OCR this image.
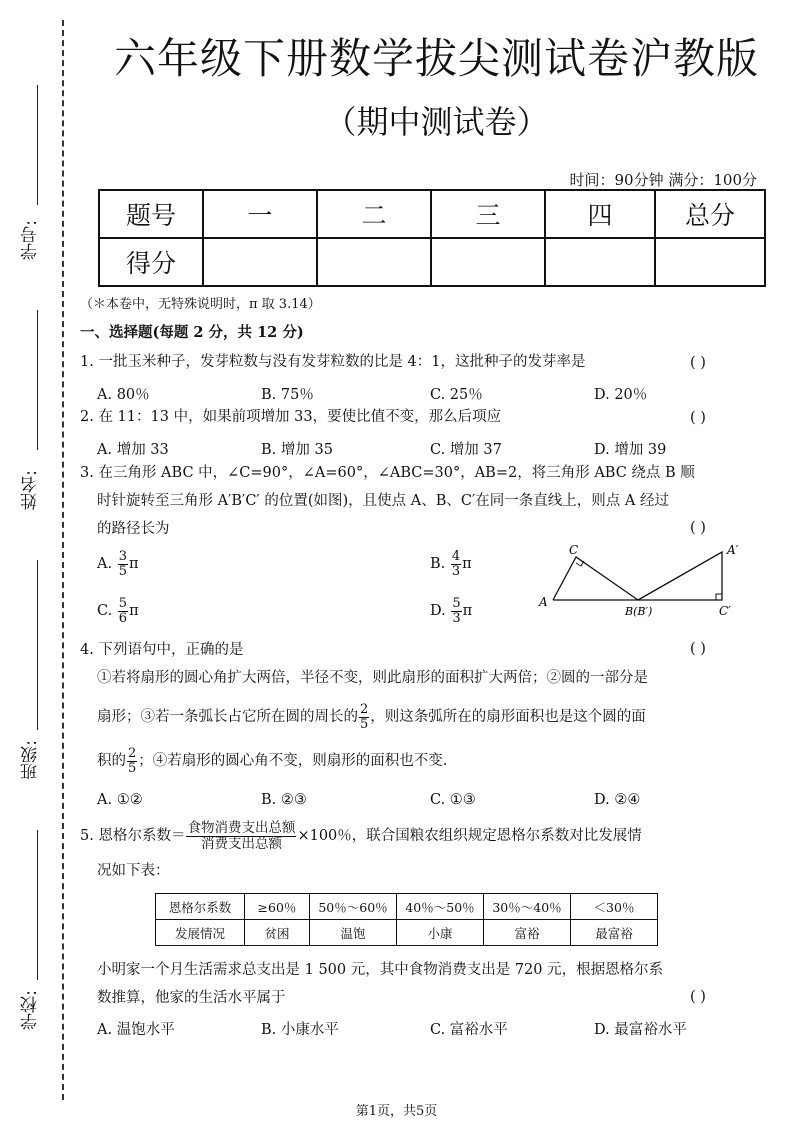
学号:
姓名:
班级:
学校:
六年级下册数学拔尖测试卷沪教版
（期中测试卷）
时间：90分钟 满分：100分
题号	一	二	三	四	总分
得分					
（＊本卷中，无特殊说明时，π 取 3.14）
一、选择题(每题 2 分，共 12 分)
1. 一批玉米种子，发芽粒数与没有发芽粒数的比是 4：1，这批种子的发芽率是	( )
A. 80％	B. 75％	C. 25％	D. 20％
2. 在 11：13 中，如果前项增加 33，要使比值不变，那么后项应	( )
A. 增加 33	B. 增加 35	C. 增加 37	D. 增加 39
3. 在三角形 ABC 中，∠C=90°，∠A=60°，∠ABC=30°，AB=2，将三角形 ABC 绕点 B 顺
时针旋转至三角形 A′B′C′ 的位置(如图)，且使点 A、B、C′在同一条直线上，则点 A 经过
的路径长为	( )
A. $\frac{3}{5}$ π	B. $\frac{4}{3}$ π
C. $\frac{5}{6}$ π	D. $\frac{5}{3}$ π
C
A
B(B′)
A′
C′
4. 下列语句中，正确的是	( )
①若将扇形的圆心角扩大两倍，半径不变，则此扇形的面积扩大两倍；②圆的一部分是
扇形；③若一条弧长占它所在圆的周长的 $\frac{2}{5}$ ，则这条弧所在的扇形面积也是这个圆的面
积的 $\frac{2}{5}$ ；④若扇形的圆心角不变，则扇形的面积也不变.
A. ①②	B. ②③	C. ①③	D. ②④
5. 恩格尔系数＝ $\frac{\text{食物消费支出总额}}{\text{消费支出总额}} \times 100$％，联合国粮农组织规定恩格尔系数对比发展情
况如下表：
恩格尔系数	≥60％	50％～60％	40％～50％	30％～40％	＜30％
发展情况	贫困	温饱	小康	富裕	最富裕
小明家一个月生活需求总支出是 1 500 元，其中食物消费支出是 720 元，根据恩格尔系
数推算，他家的生活水平属于	( )
A. 温饱水平	B. 小康水平	C. 富裕水平	D. 最富裕水平
第1页，共5页
